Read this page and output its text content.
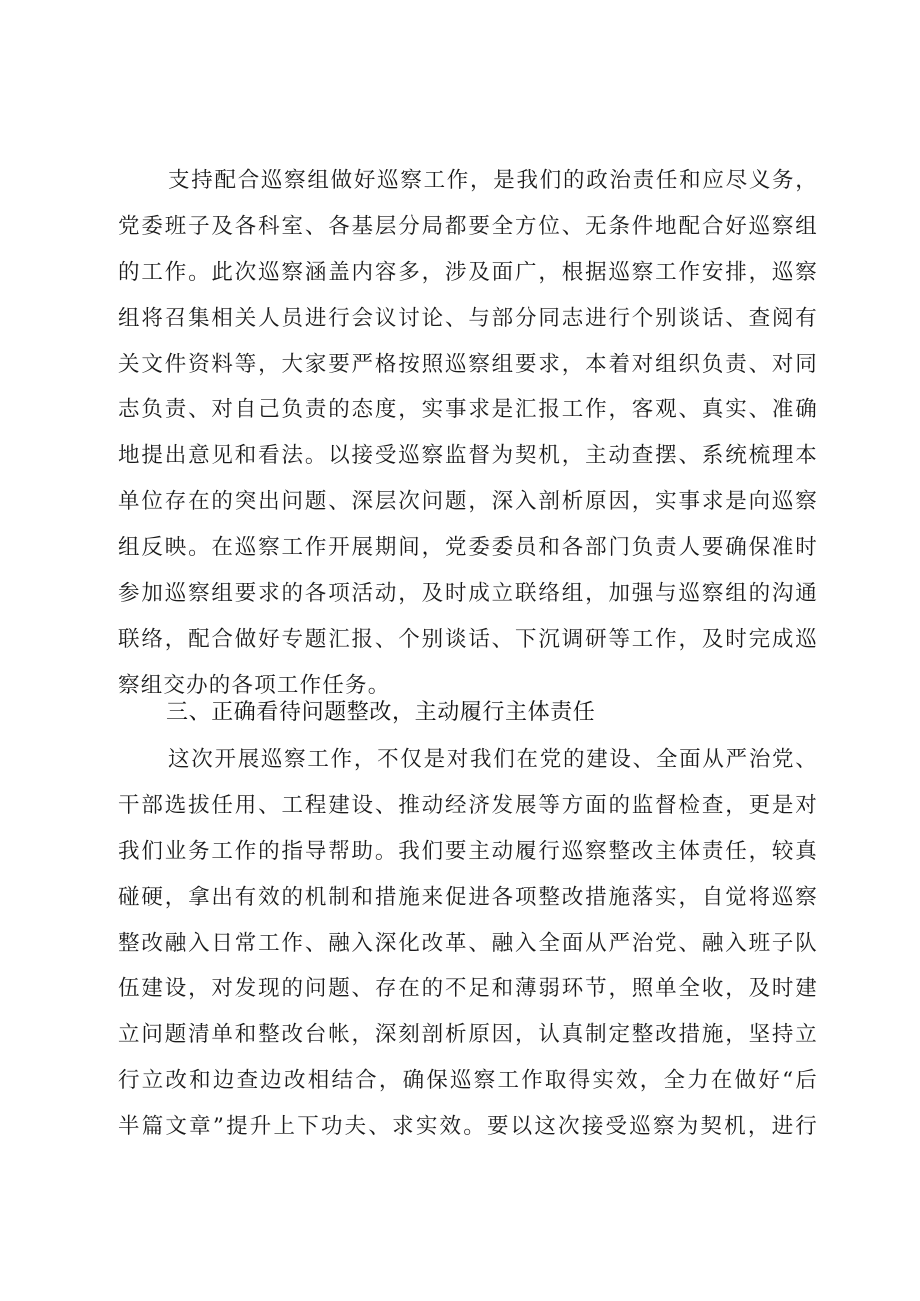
支持配合巡察组做好巡察工作，是我们的政治责任和应尽义务，
党委班子及各科室、各基层分局都要全方位、无条件地配合好巡察组
的工作。此次巡察涵盖内容多，涉及面广，根据巡察工作安排，巡察
组将召集相关人员进行会议讨论、与部分同志进行个别谈话、查阅有
关文件资料等，大家要严格按照巡察组要求，本着对组织负责、对同
志负责、对自己负责的态度，实事求是汇报工作，客观、真实、准确
地提出意见和看法。以接受巡察监督为契机，主动查摆、系统梳理本
单位存在的突出问题、深层次问题，深入剖析原因，实事求是向巡察
组反映。在巡察工作开展期间，党委委员和各部门负责人要确保准时
参加巡察组要求的各项活动，及时成立联络组，加强与巡察组的沟通
联络，配合做好专题汇报、个别谈话、下沉调研等工作，及时完成巡
察组交办的各项工作任务。
三、正确看待问题整改，主动履行主体责任
这次开展巡察工作，不仅是对我们在党的建设、全面从严治党、
干部选拔任用、工程建设、推动经济发展等方面的监督检查，更是对
我们业务工作的指导帮助。我们要主动履行巡察整改主体责任，较真
碰硬，拿出有效的机制和措施来促进各项整改措施落实，自觉将巡察
整改融入日常工作、融入深化改革、融入全面从严治党、融入班子队
伍建设，对发现的问题、存在的不足和薄弱环节，照单全收，及时建
立问题清单和整改台帐，深刻剖析原因，认真制定整改措施，坚持立
行立改和边查边改相结合，确保巡察工作取得实效，全力在做好“后
半篇文章”提升上下功夫、求实效。要以这次接受巡察为契机，进行
